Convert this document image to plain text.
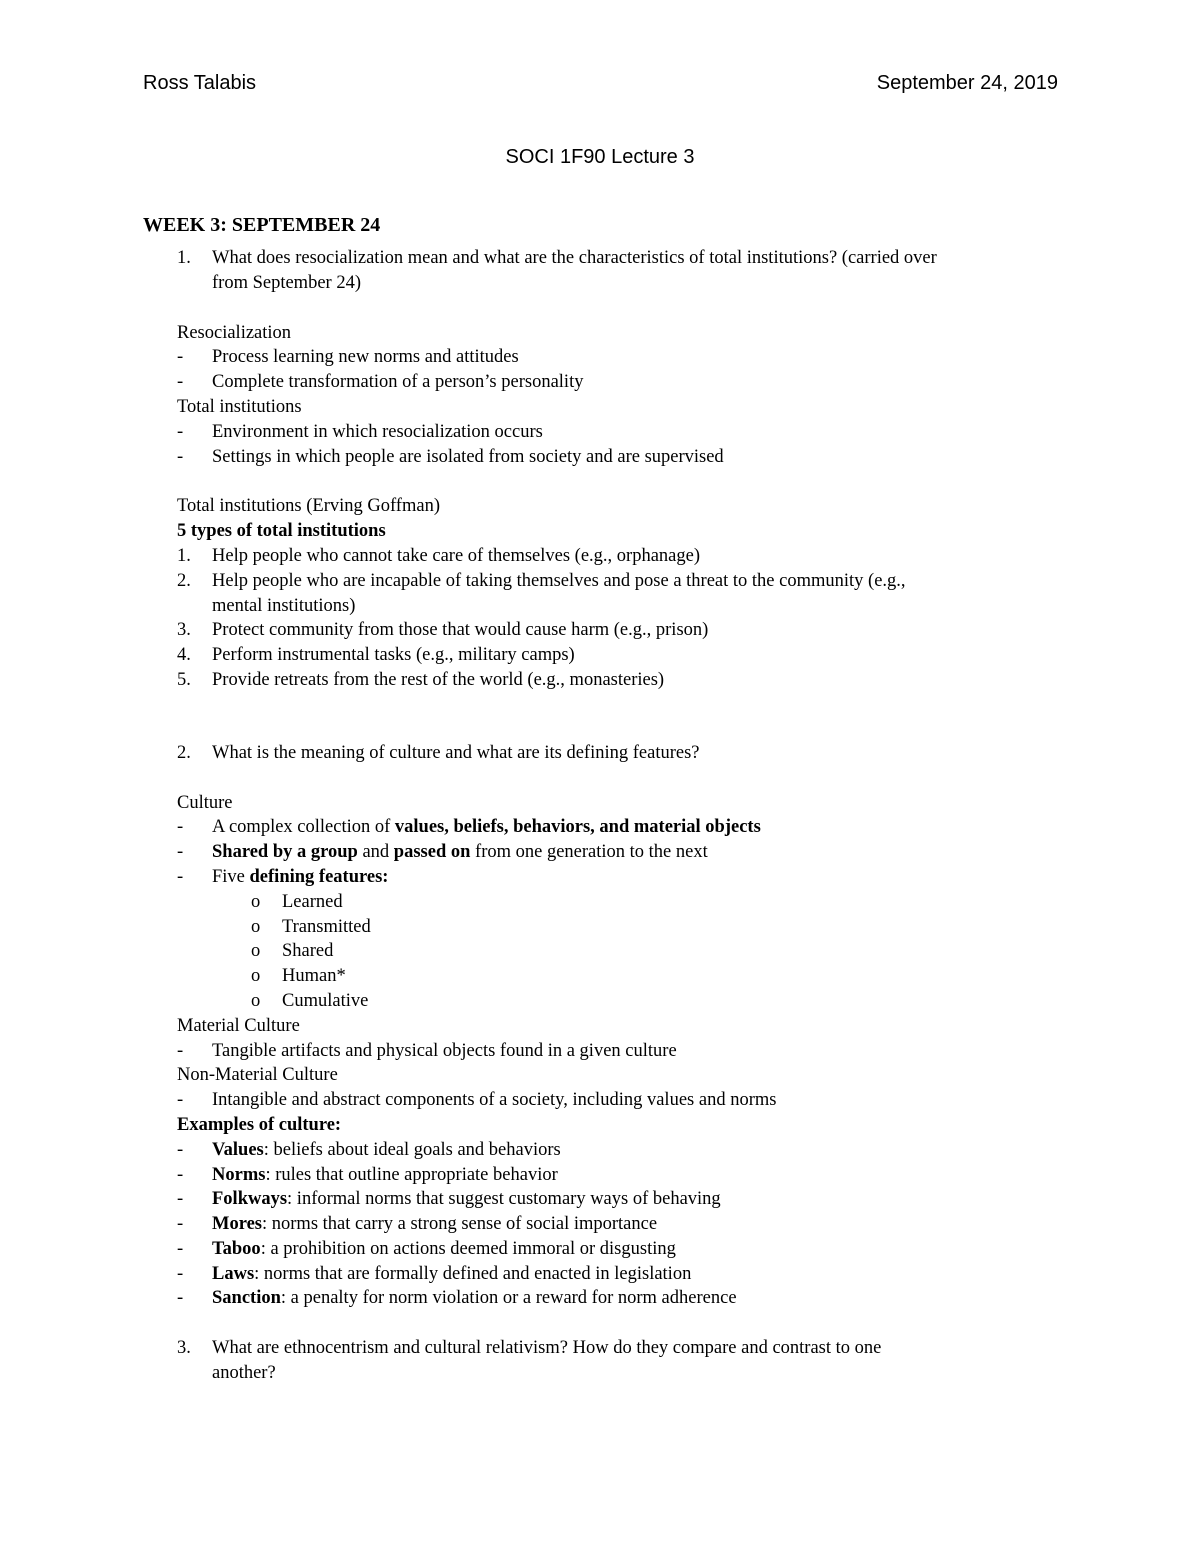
Ross Talabis	September 24, 2019
SOCI 1F90 Lecture 3
WEEK 3: SEPTEMBER 24
1.	What does resocialization mean and what are the characteristics of total institutions? (carried over
from September 24)
Resocialization
-	Process learning new norms and attitudes
-	Complete transformation of a person’s personality
Total institutions
-	Environment in which resocialization occurs
-	Settings in which people are isolated from society and are supervised
Total institutions (Erving Goffman)
5 types of total institutions
1.	Help people who cannot take care of themselves (e.g., orphanage)
2.	Help people who are incapable of taking themselves and pose a threat to the community (e.g.,
mental institutions)
3.	Protect community from those that would cause harm (e.g., prison)
4.	Perform instrumental tasks (e.g., military camps)
5.	Provide retreats from the rest of the world (e.g., monasteries)
2.	What is the meaning of culture and what are its defining features?
Culture
-	A complex collection of values, beliefs, behaviors, and material objects
-	Shared by a group and passed on from one generation to the next
-	Five defining features:
o	Learned
o	Transmitted
o	Shared
o	Human*
o	Cumulative
Material Culture
-	Tangible artifacts and physical objects found in a given culture
Non-Material Culture
-	Intangible and abstract components of a society, including values and norms
Examples of culture:
-	Values: beliefs about ideal goals and behaviors
-	Norms: rules that outline appropriate behavior
-	Folkways: informal norms that suggest customary ways of behaving
-	Mores: norms that carry a strong sense of social importance
-	Taboo: a prohibition on actions deemed immoral or disgusting
-	Laws: norms that are formally defined and enacted in legislation
-	Sanction: a penalty for norm violation or a reward for norm adherence
3.	What are ethnocentrism and cultural relativism? How do they compare and contrast to one
another?
